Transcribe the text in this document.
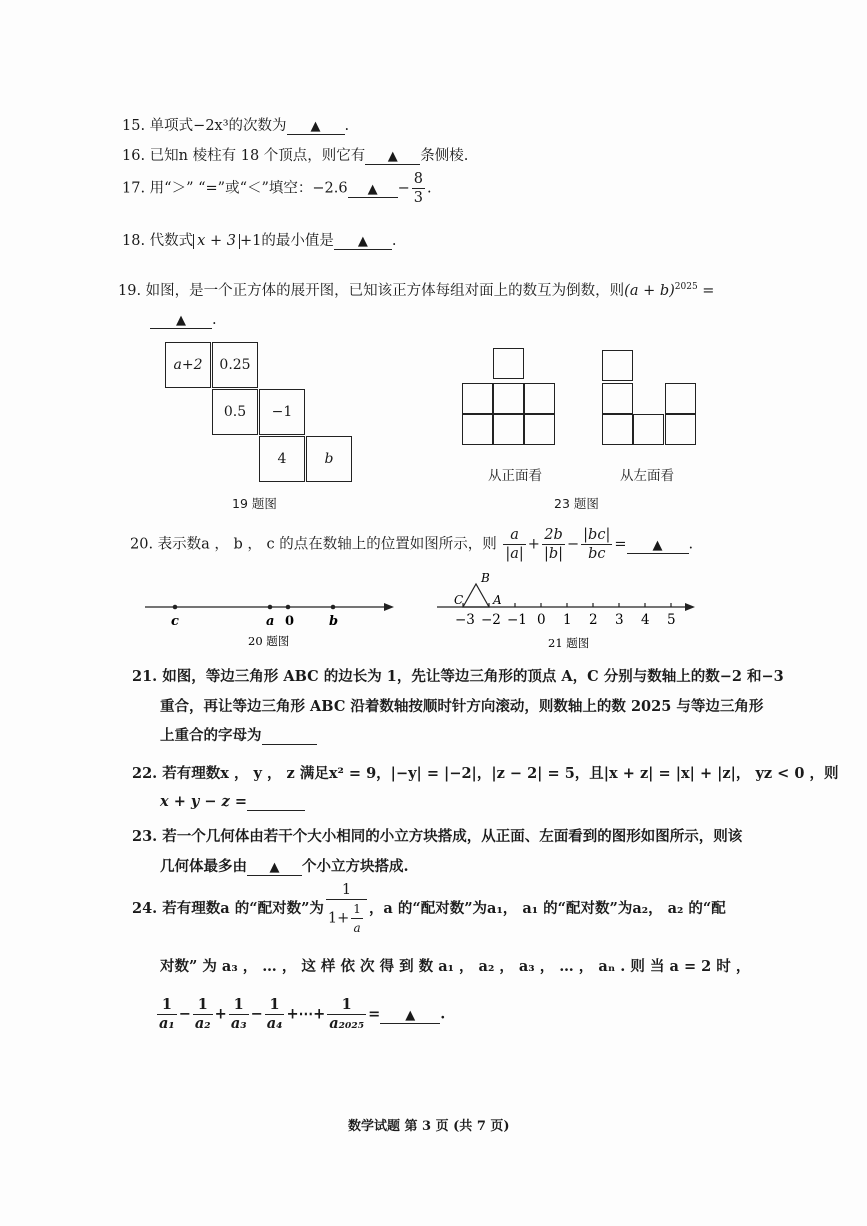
15. 单项式−2x³的次数为 ▲ .
16. 已知n 棱柱有 18 个顶点，则它有 ▲ 条侧棱.
17. 用“＞” “=”或“＜”填空：−2.6 ▲ − $\frac{8}{3}$ .
18. 代数式 x + 3 +1的最小值是 ▲ .
19. 如图，是一个正方体的展开图，已知该正方体每组对面上的数互为倒数，则$(a + b)^{2025}$ =
▲ .
a+2	0.25
0.5	−1
4	b
19 题图
从正面看	从左面看
23 题图
20. 表示数a ， b ， c 的点在数轴上的位置如图所示，则 $\frac{a}{|a|} + \frac{2b}{|b|} - \frac{|bc|}{bc}$ = ▲ .
c	a 0	b
20 题图
−3 −2 −1 0 1 2 3 4 5
C
B
A
21 题图
21. 如图，等边三角形 ABC 的边长为 1，先让等边三角形的顶点 A，C 分别与数轴上的数−2 和−3
重合，再让等边三角形 ABC 沿着数轴按顺时针方向滚动，则数轴上的数 2025 与等边三角形
上重合的字母为
22. 若有理数x ， y ， z 满足x² = 9，|−y| = |−2|，|z − 2| = 5，且|x + z| = |x| + |z|， yz < 0 ，则
x + y − z =
23. 若一个几何体由若干个大小相同的小立方块搭成，从正面、左面看到的图形如图所示，则该
几何体最多由 ▲ 个小立方块搭成.
24. 若有理数a 的“配对数”为 $\frac{1}{1+ \frac{1}{a}}$ ，a 的“配对数”为a₁， a₁ 的“配对数”为a₂， a₂ 的“配
对数” 为 a₃ ， … ， 这 样 依 次 得 到 数 a₁ ， a₂ ， a₃ ， … ， aₙ . 则 当 a = 2 时 ，
$\frac{1}{\text{a₁}} - \frac{1}{\text{a₂}} + \frac{1}{\text{a₃}} - \frac{1}{\text{a₄}}$ +⋯+ $\frac{1}{\text{a₂₀₂₅}}$ = ▲ .
数学试题 第 3 页 (共 7 页)
